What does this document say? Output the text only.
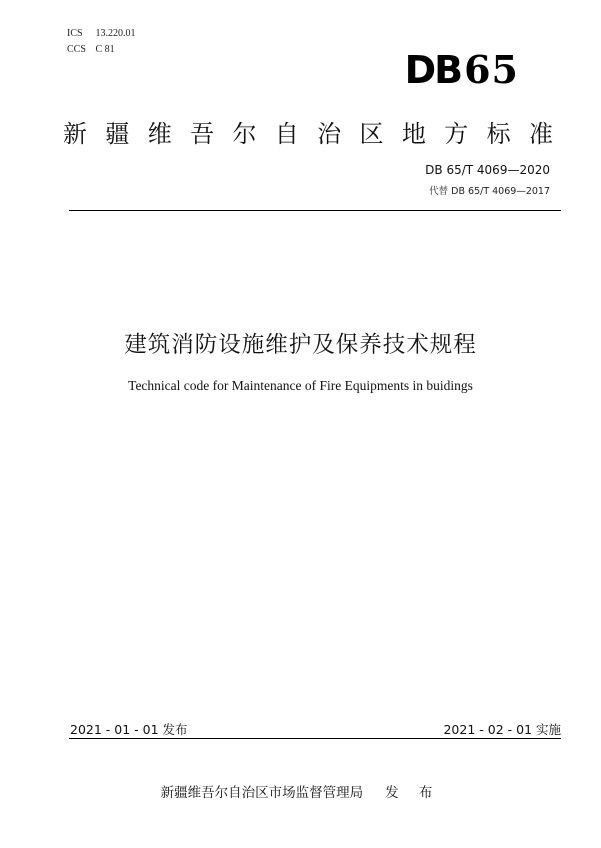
ICS 13.220.01
CCS C 81	DB65
新 疆 维 吾 尔 自 治 区 地 方 标 准
DB 65/T 4069—2020
代替 DB 65/T 4069—2017
建筑消防设施维护及保养技术规程
Technical code for Maintenance of Fire Equipments in buidings
2021 - 01 - 01 发布	2021 - 02 - 01 实施
新疆维吾尔自治区市场监督管理局 发 布
